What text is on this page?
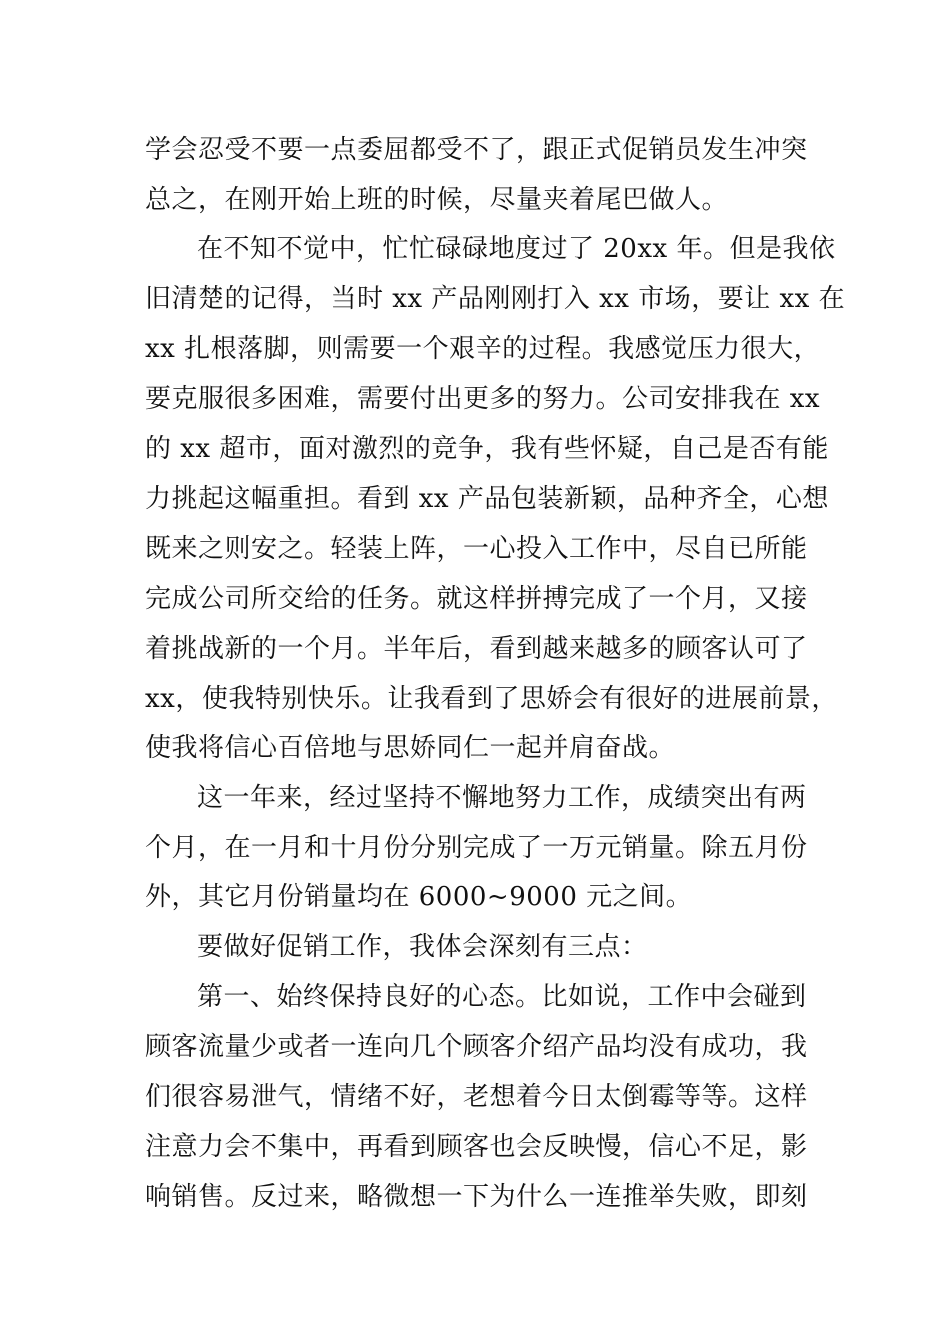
学会忍受不要一点委屈都受不了，跟正式促销员发生冲突
总之，在刚开始上班的时候，尽量夹着尾巴做人。
在不知不觉中，忙忙碌碌地度过了 20xx 年。但是我依
旧清楚的记得，当时 xx 产品刚刚打入 xx 市场，要让 xx 在
xx 扎根落脚，则需要一个艰辛的过程。我感觉压力很大，
要克服很多困难，需要付出更多的努力。公司安排我在 xx
的 xx 超市，面对激烈的竞争，我有些怀疑，自己是否有能
力挑起这幅重担。看到 xx 产品包装新颖，品种齐全，心想
既来之则安之。轻装上阵，一心投入工作中，尽自已所能
完成公司所交给的任务。就这样拼搏完成了一个月，又接
着挑战新的一个月。半年后，看到越来越多的顾客认可了
xx，使我特别快乐。让我看到了思娇会有很好的进展前景，
使我将信心百倍地与思娇同仁一起并肩奋战。
这一年来，经过坚持不懈地努力工作，成绩突出有两
个月，在一月和十月份分别完成了一万元销量。除五月份
外，其它月份销量均在 6000~9000 元之间。
要做好促销工作，我体会深刻有三点：
第一、始终保持良好的心态。比如说，工作中会碰到
顾客流量少或者一连向几个顾客介绍产品均没有成功，我
们很容易泄气，情绪不好，老想着今日太倒霉等等。这样
注意力会不集中，再看到顾客也会反映慢，信心不足，影
响销售。反过来，略微想一下为什么一连推举失败，即刻
